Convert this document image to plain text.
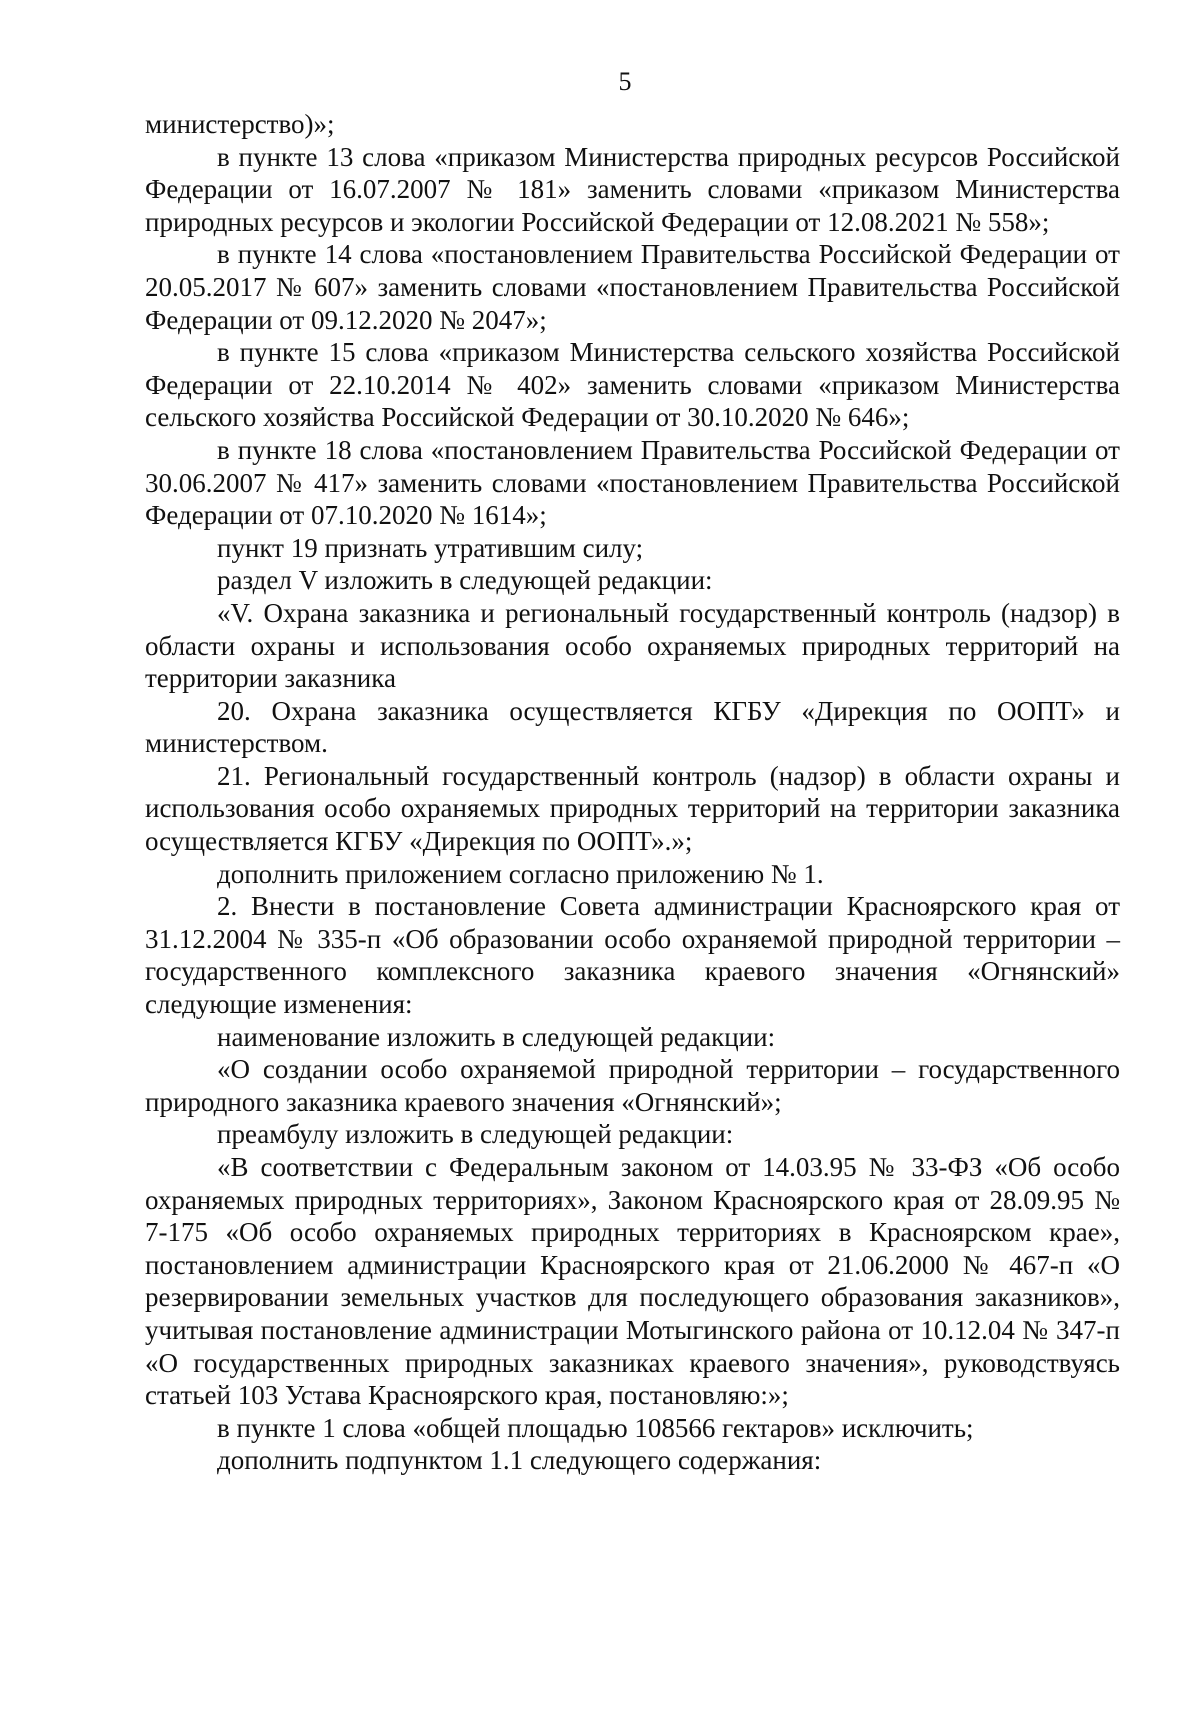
5

министерство)»;

в пункте 13 слова «приказом Министерства природных ресурсов Российской Федерации от 16.07.2007 № 181» заменить словами «приказом Министерства природных ресурсов и экологии Российской Федерации от 12.08.2021 № 558»;

в пункте 14 слова «постановлением Правительства Российской Федерации от 20.05.2017 № 607» заменить словами «постановлением Правительства Российской Федерации от 09.12.2020 № 2047»;

в пункте 15 слова «приказом Министерства сельского хозяйства Российской Федерации от 22.10.2014 № 402» заменить словами «приказом Министерства сельского хозяйства Российской Федерации от 30.10.2020 № 646»;

в пункте 18 слова «постановлением Правительства Российской Федерации от 30.06.2007 № 417» заменить словами «постановлением Правительства Российской Федерации от 07.10.2020 № 1614»;

пункт 19 признать утратившим силу;

раздел V изложить в следующей редакции:

«V. Охрана заказника и региональный государственный контроль (надзор) в области охраны и использования особо охраняемых природных территорий на территории заказника

20. Охрана заказника осуществляется КГБУ «Дирекция по ООПТ» и министерством.

21. Региональный государственный контроль (надзор) в области охраны и использования особо охраняемых природных территорий на территории заказника осуществляется КГБУ «Дирекция по ООПТ».»;

дополнить приложением согласно приложению № 1.

2. Внести в постановление Совета администрации Красноярского края от 31.12.2004 № 335-п «Об образовании особо охраняемой природной территории – государственного комплексного заказника краевого значения «Огнянский» следующие изменения:

наименование изложить в следующей редакции:

«О создании особо охраняемой природной территории – государственного природного заказника краевого значения «Огнянский»;

преамбулу изложить в следующей редакции:

«В соответствии с Федеральным законом от 14.03.95 № 33-ФЗ «Об особо охраняемых природных территориях», Законом Красноярского края от 28.09.95 № 7-175 «Об особо охраняемых природных территориях в Красноярском крае», постановлением администрации Красноярского края от 21.06.2000 № 467-п «О резервировании земельных участков для последующего образования заказников», учитывая постановление администрации Мотыгинского района от 10.12.04 № 347-п «О государственных природных заказниках краевого значения», руководствуясь статьей 103 Устава Красноярского края, постановляю:»;

в пункте 1 слова «общей площадью 108566 гектаров» исключить;

дополнить подпунктом 1.1 следующего содержания:
